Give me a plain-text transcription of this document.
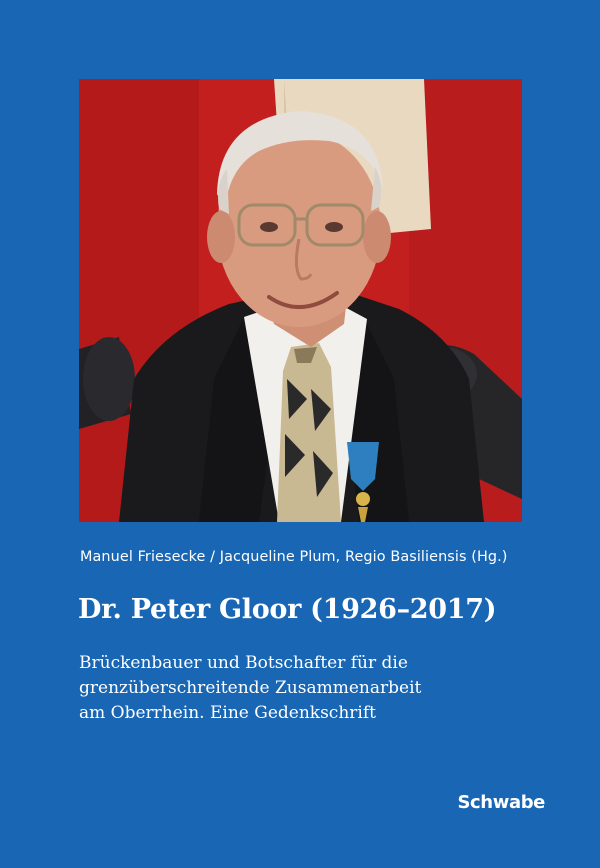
Manuel Friesecke / Jacqueline Plum, Regio Basiliensis (Hg.)
Dr. Peter Gloor (1926–2017)
Brückenbauer und Botschafter für die
grenzüberschreitende Zusammenarbeit
am Oberrhein. Eine Gedenkschrift
Schwabe
